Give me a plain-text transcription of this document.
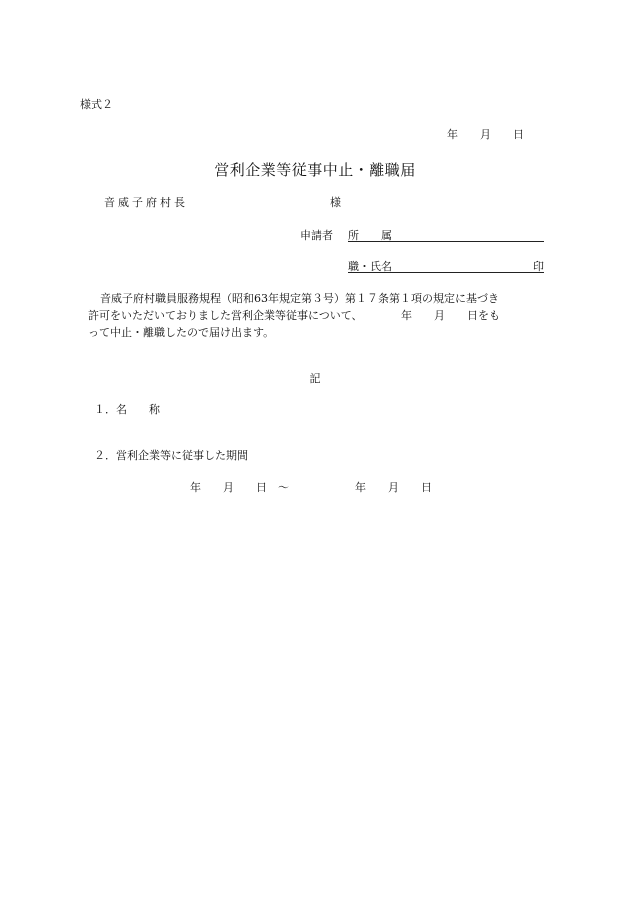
様式２
年　　月　　日
営利企業等従事中止・離職届
音威子府村長	様
申請者 所　　属
職・氏名	印

音威子府村職員服務規程（昭和63年規定第３号）第１７条第１項の規定に基づき

許可をいただいておりました営利企業等従事について、　　　　年　　月　　日をも

って中止・離職したので届け出ます。

記
１．名　　称
２．営利企業等に従事した期間
年　　月　　日　～　　　　　　年　　月　　日
